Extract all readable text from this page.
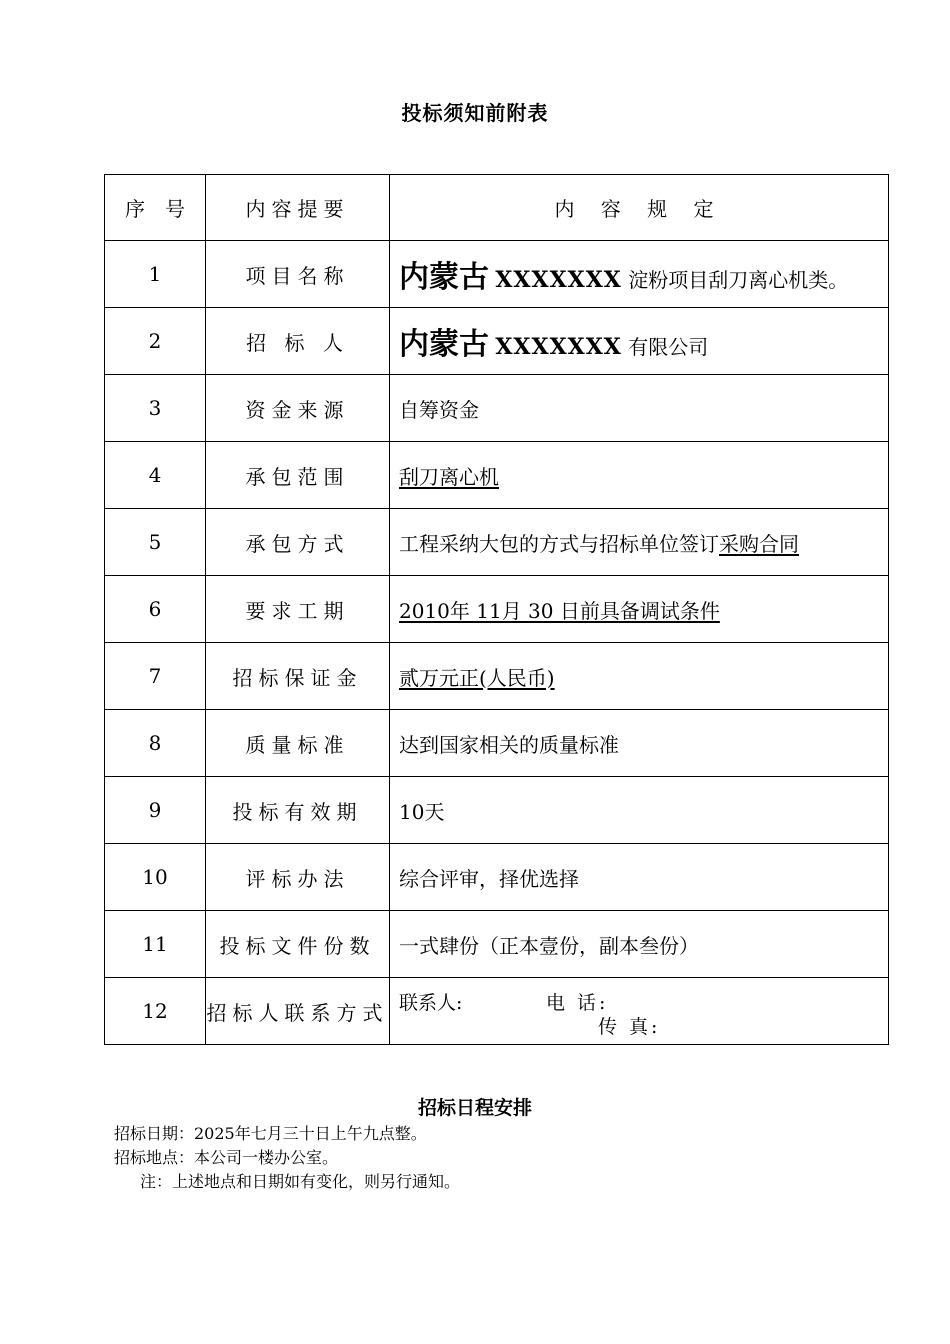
投标须知前附表
序　号	内容提要	内 容 规 定
1	项目名称	内蒙古 XXXXXXX 淀粉项目刮刀离心机类。
2	招 标 人	内蒙古 XXXXXXX 有限公司
3	资金来源	自筹资金
4	承包范围	刮刀离心机
5	承包方式	工程采纳大包的方式与招标单位签订采购合同
6	要求工期	2010年 11月 30 日前具备调试条件
7	招标保证金	贰万元正(人民币)
8	质量标准	达到国家相关的质量标准
9	投标有效期	10天
10	评标办法	综合评审，择优选择
11	投标文件份数	一式肆份（正本壹份，副本叁份）
12	招标人联系方式	联系人: 电 话:
传 真:
招标日程安排
招标日期：2025年七月三十日上午九点整。
招标地点：本公司一楼办公室。
注：上述地点和日期如有变化，则另行通知。
